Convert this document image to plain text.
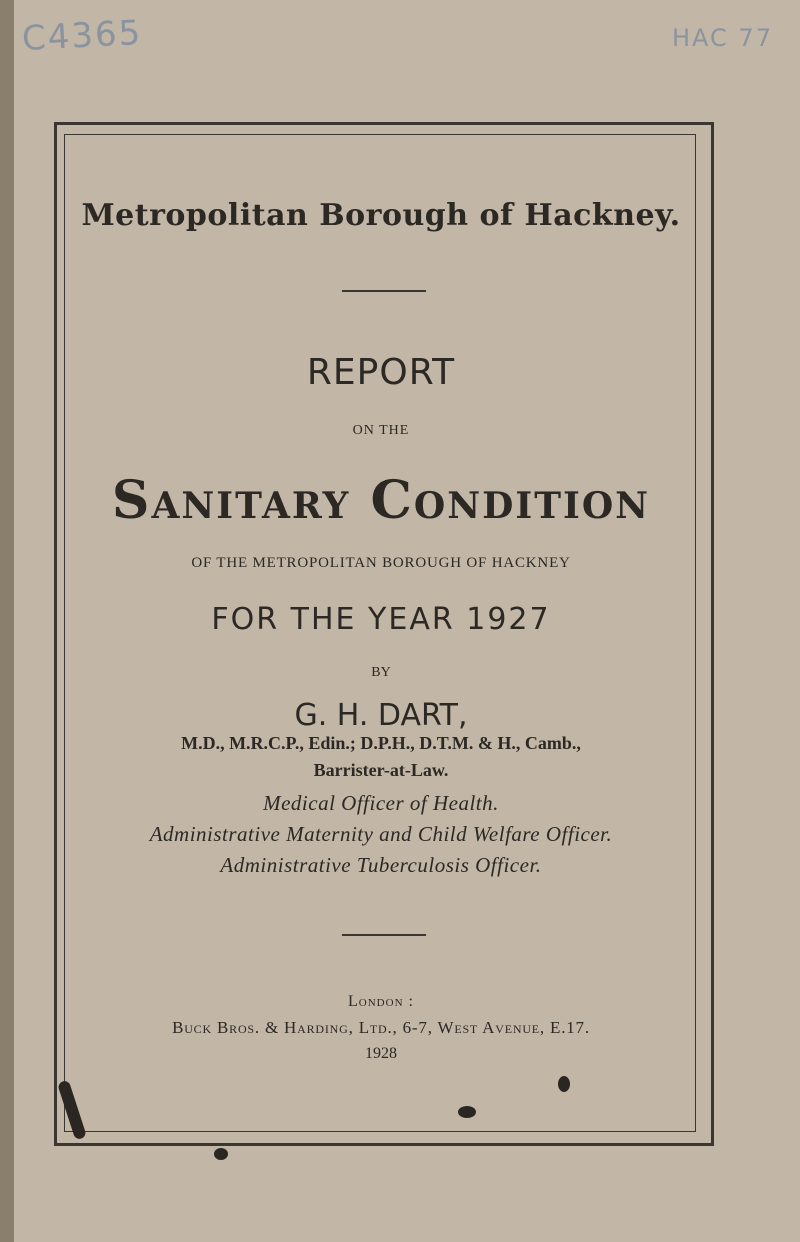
C4365	HAC 77
Metropolitan Borough of Hackney.
REPORT
ON THE
Sanitary Condition
OF THE METROPOLITAN BOROUGH OF HACKNEY
FOR THE YEAR 1927
BY
G. H. DART,
M.D., M.R.C.P., Edin.; D.P.H., D.T.M. & H., Camb.,
Barrister-at-Law.
Medical Officer of Health.
Administrative Maternity and Child Welfare Officer.
Administrative Tuberculosis Officer.
London :
Buck Bros. & Harding, Ltd., 6-7, West Avenue, E.17.
1928
